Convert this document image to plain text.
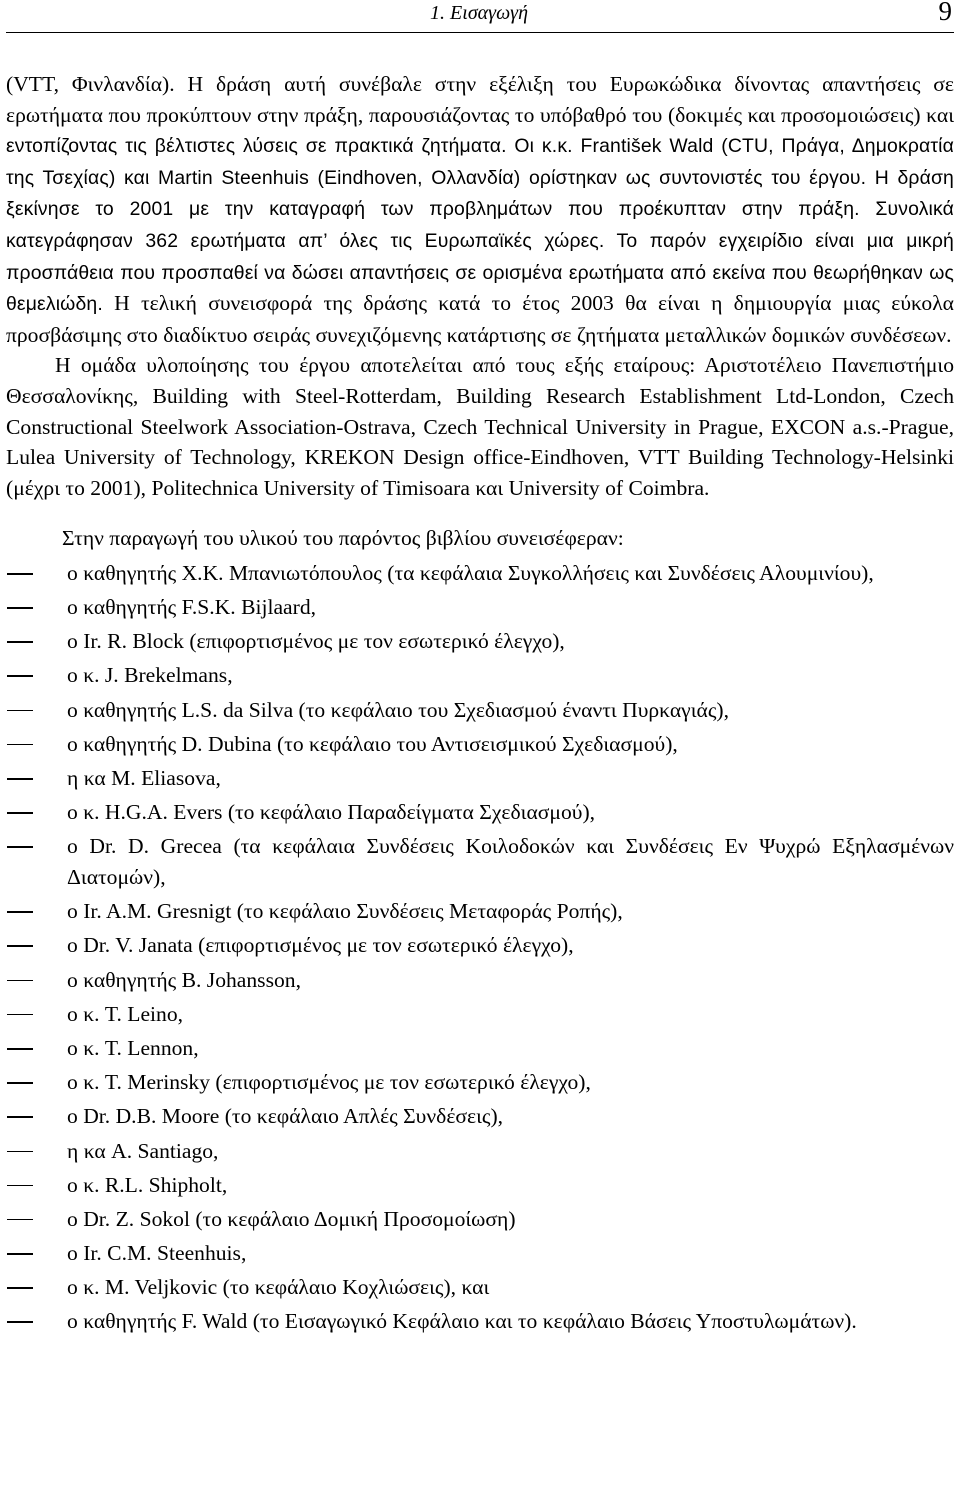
1. Εισαγωγή	9

(VTT, Φινλανδία). Η δράση αυτή συνέβαλε στην εξέλιξη του Ευρωκώδικα δίνοντας απαντήσεις σε ερωτήματα που προκύπτουν στην πράξη, παρουσιάζοντας το υπόβαθρό του (δοκιμές και προσομοιώσεις) και εντοπίζοντας τις βέλτιστες λύσεις σε πρακτικά ζητήματα. Οι κ.κ. František Wald (CTU, Πράγα, Δημοκρατία της Τσεχίας) και Martin Steenhuis (Eindhoven, Ολλανδία) ορίστηκαν ως συντονιστές του έργου. Η δράση ξεκίνησε το 2001 με την καταγραφή των προβλημάτων που προέκυπταν στην πράξη. Συνολικά κατεγράφησαν 362 ερωτήματα απ’ όλες τις Ευρωπαϊκές χώρες. Το παρόν εγχειρίδιο είναι μια μικρή προσπάθεια που προσπαθεί να δώσει απαντήσεις σε ορισμένα ερωτήματα από εκείνα που θεωρήθηκαν ως θεμελιώδη. Η τελική συνεισφορά της δράσης κατά το έτος 2003 θα είναι η δημιουργία μιας εύκολα προσβάσιμης στο διαδίκτυο σειράς συνεχιζόμενης κατάρτισης σε ζητήματα μεταλλικών δομικών συνδέσεων.

Η ομάδα υλοποίησης του έργου αποτελείται από τους εξής εταίρους: Αριστοτέλειο Πανεπιστήμιο Θεσσαλονίκης, Building with Steel-Rotterdam, Building Research Establishment Ltd-London, Czech Constructional Steelwork Association-Ostrava, Czech Technical University in Prague, EXCON a.s.-Prague, Lulea University of Technology, KREKON Design office-Eindhoven, VTT Building Technology-Helsinki (μέχρι το 2001), Politechnica University of Timisoara και University of Coimbra.

Στην παραγωγή του υλικού του παρόντος βιβλίου συνεισέφεραν:

ο καθηγητής Χ.Κ. Μπανιωτόπουλος (τα κεφάλαια Συγκολλήσεις και Συνδέσεις Αλουμινίου),
ο καθηγητής F.S.K. Bijlaard,
ο Ir. R. Block (επιφορτισμένος με τον εσωτερικό έλεγχο),
ο κ. J. Brekelmans,
ο καθηγητής L.S. da Silva (το κεφάλαιο του Σχεδιασμού έναντι Πυρκαγιάς),
ο καθηγητής D. Dubina (το κεφάλαιο του Αντισεισμικού Σχεδιασμού),
η κα M. Eliasova,
ο κ. H.G.A. Evers (το κεφάλαιο Παραδείγματα Σχεδιασμού),
ο Dr. D. Grecea (τα κεφάλαια Συνδέσεις Κοιλοδοκών και Συνδέσεις Εν Ψυχρώ Εξηλασμένων Διατομών),
ο Ir. A.M. Gresnigt (το κεφάλαιο Συνδέσεις Μεταφοράς Ροπής),
ο Dr. V. Janata (επιφορτισμένος με τον εσωτερικό έλεγχο),
ο καθηγητής B. Johansson,
ο κ. T. Leino,
ο κ. T. Lennon,
ο κ. T. Merinsky (επιφορτισμένος με τον εσωτερικό έλεγχο),
ο Dr. D.B. Moore (το κεφάλαιο Απλές Συνδέσεις),
η κα A. Santiago,
ο κ. R.L. Shipholt,
ο Dr. Z. Sokol (το κεφάλαιο Δομική Προσομοίωση)
ο Ir. C.M. Steenhuis,
ο κ. M. Veljkovic (το κεφάλαιο Κοχλιώσεις), και
ο καθηγητής F. Wald (το Εισαγωγικό Κεφάλαιο και το κεφάλαιο Βάσεις Υποστυλωμάτων).
